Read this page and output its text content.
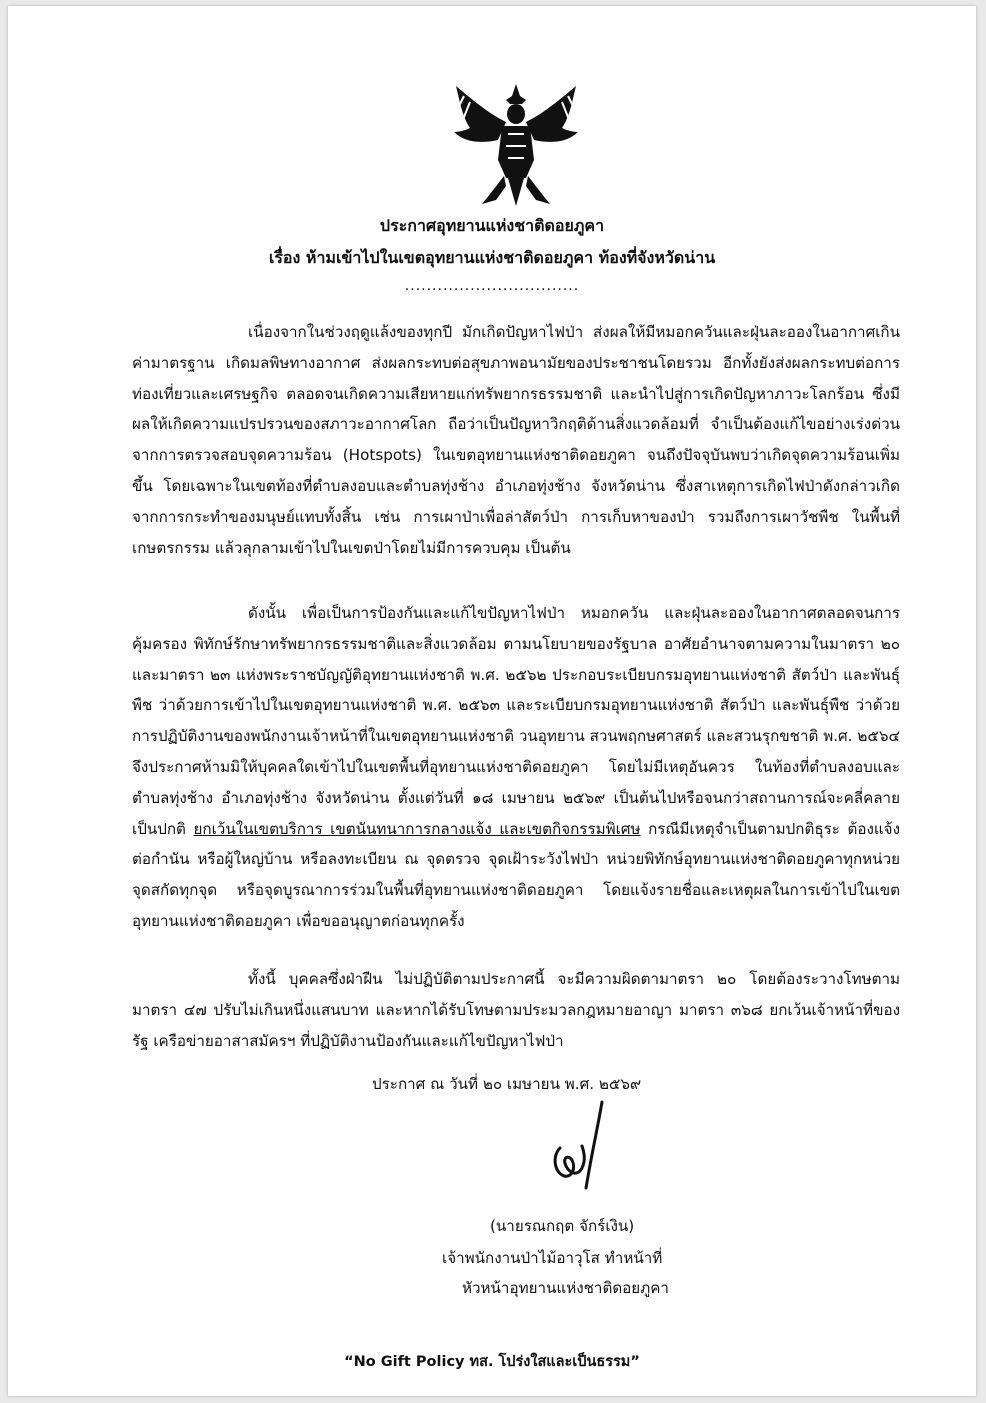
ประกาศอุทยานแห่งชาติดอยภูคา
เรื่อง ห้ามเข้าไปในเขตอุทยานแห่งชาติดอยภูคา ท้องที่จังหวัดน่าน
................................
เนื่องจากในช่วงฤดูแล้งของทุกปี มักเกิดปัญหาไฟป่า ส่งผลให้มีหมอกควันและฝุ่นละอองในอากาศเกินค่ามาตรฐาน เกิดมลพิษทางอากาศ ส่งผลกระทบต่อสุขภาพอนามัยของประชาชนโดยรวม อีกทั้งยังส่งผลกระทบต่อการท่องเที่ยวและเศรษฐกิจ ตลอดจนเกิดความเสียหายแก่ทรัพยากรธรรมชาติ และนำไปสู่การเกิดปัญหาภาวะโลกร้อน ซึ่งมีผลให้เกิดความแปรปรวนของสภาวะอากาศโลก ถือว่าเป็นปัญหาวิกฤติด้านสิ่งแวดล้อมที่ จำเป็นต้องแก้ไขอย่างเร่งด่วน จากการตรวจสอบจุดความร้อน (Hotspots) ในเขตอุทยานแห่งชาติดอยภูคา จนถึงปัจจุบันพบว่าเกิดจุดความร้อนเพิ่มขึ้น โดยเฉพาะในเขตท้องที่ตำบลงอบและตำบลทุ่งช้าง อำเภอทุ่งช้าง จังหวัดน่าน ซึ่งสาเหตุการเกิดไฟป่าดังกล่าวเกิดจากการกระทำของมนุษย์แทบทั้งสิ้น เช่น การเผาป่าเพื่อล่าสัตว์ป่า การเก็บหาของป่า รวมถึงการเผาวัชพืช ในพื้นที่เกษตรกรรม แล้วลุกลามเข้าไปในเขตป่าโดยไม่มีการควบคุม เป็นต้น
ดังนั้น เพื่อเป็นการป้องกันและแก้ไขปัญหาไฟป่า หมอกควัน และฝุ่นละอองในอากาศตลอดจนการคุ้มครอง พิทักษ์รักษาทรัพยากรธรรมชาติและสิ่งแวดล้อม ตามนโยบายของรัฐบาล อาศัยอำนาจตามความในมาตรา ๒๐ และมาตรา ๒๓ แห่งพระราชบัญญัติอุทยานแห่งชาติ พ.ศ. ๒๕๖๒ ประกอบระเบียบกรมอุทยานแห่งชาติ สัตว์ป่า และพันธุ์พืช ว่าด้วยการเข้าไปในเขตอุทยานแห่งชาติ พ.ศ. ๒๕๖๓ และระเบียบกรมอุทยานแห่งชาติ สัตว์ป่า และพันธุ์พืช ว่าด้วยการปฏิบัติงานของพนักงานเจ้าหน้าที่ในเขตอุทยานแห่งชาติ วนอุทยาน สวนพฤกษศาสตร์ และสวนรุกขชาติ พ.ศ. ๒๕๖๔ จึงประกาศห้ามมิให้บุคคลใดเข้าไปในเขตพื้นที่อุทยานแห่งชาติดอยภูคา โดยไม่มีเหตุอันควร ในท้องที่ตำบลงอบและตำบลทุ่งช้าง อำเภอทุ่งช้าง จังหวัดน่าน ตั้งแต่วันที่ ๑๘ เมษายน ๒๕๖๙ เป็นต้นไปหรือจนกว่าสถานการณ์จะคลี่คลายเป็นปกติ ยกเว้นในเขตบริการ เขตนันทนาการกลางแจ้ง และเขตกิจกรรมพิเศษ กรณีมีเหตุจำเป็นตามปกติธุระ ต้องแจ้งต่อกำนัน หรือผู้ใหญ่บ้าน หรือลงทะเบียน ณ จุดตรวจ จุดเฝ้าระวังไฟป่า หน่วยพิทักษ์อุทยานแห่งชาติดอยภูคาทุกหน่วย จุดสกัดทุกจุด หรือจุดบูรณาการร่วมในพื้นที่อุทยานแห่งชาติดอยภูคา โดยแจ้งรายชื่อและเหตุผลในการเข้าไปในเขตอุทยานแห่งชาติดอยภูคา เพื่อขออนุญาตก่อนทุกครั้ง
ทั้งนี้ บุคคลซึ่งฝ่าฝืน ไม่ปฏิบัติตามประกาศนี้ จะมีความผิดตามาตรา ๒๐ โดยต้องระวางโทษตามมาตรา ๔๗ ปรับไม่เกินหนึ่งแสนบาท และหากได้รับโทษตามประมวลกฎหมายอาญา มาตรา ๓๖๘ ยกเว้นเจ้าหน้าที่ของรัฐ เครือข่ายอาสาสมัครฯ ที่ปฏิบัติงานป้องกันและแก้ไขปัญหาไฟป่า
ประกาศ ณ วันที่ ๒๐ เมษายน พ.ศ. ๒๕๖๙
(นายรณกฤต จักร์เงิน)
เจ้าพนักงานป่าไม้อาวุโส ทำหน้าที่
หัวหน้าอุทยานแห่งชาติดอยภูคา
“No Gift Policy ทส. โปร่งใสและเป็นธรรม”
